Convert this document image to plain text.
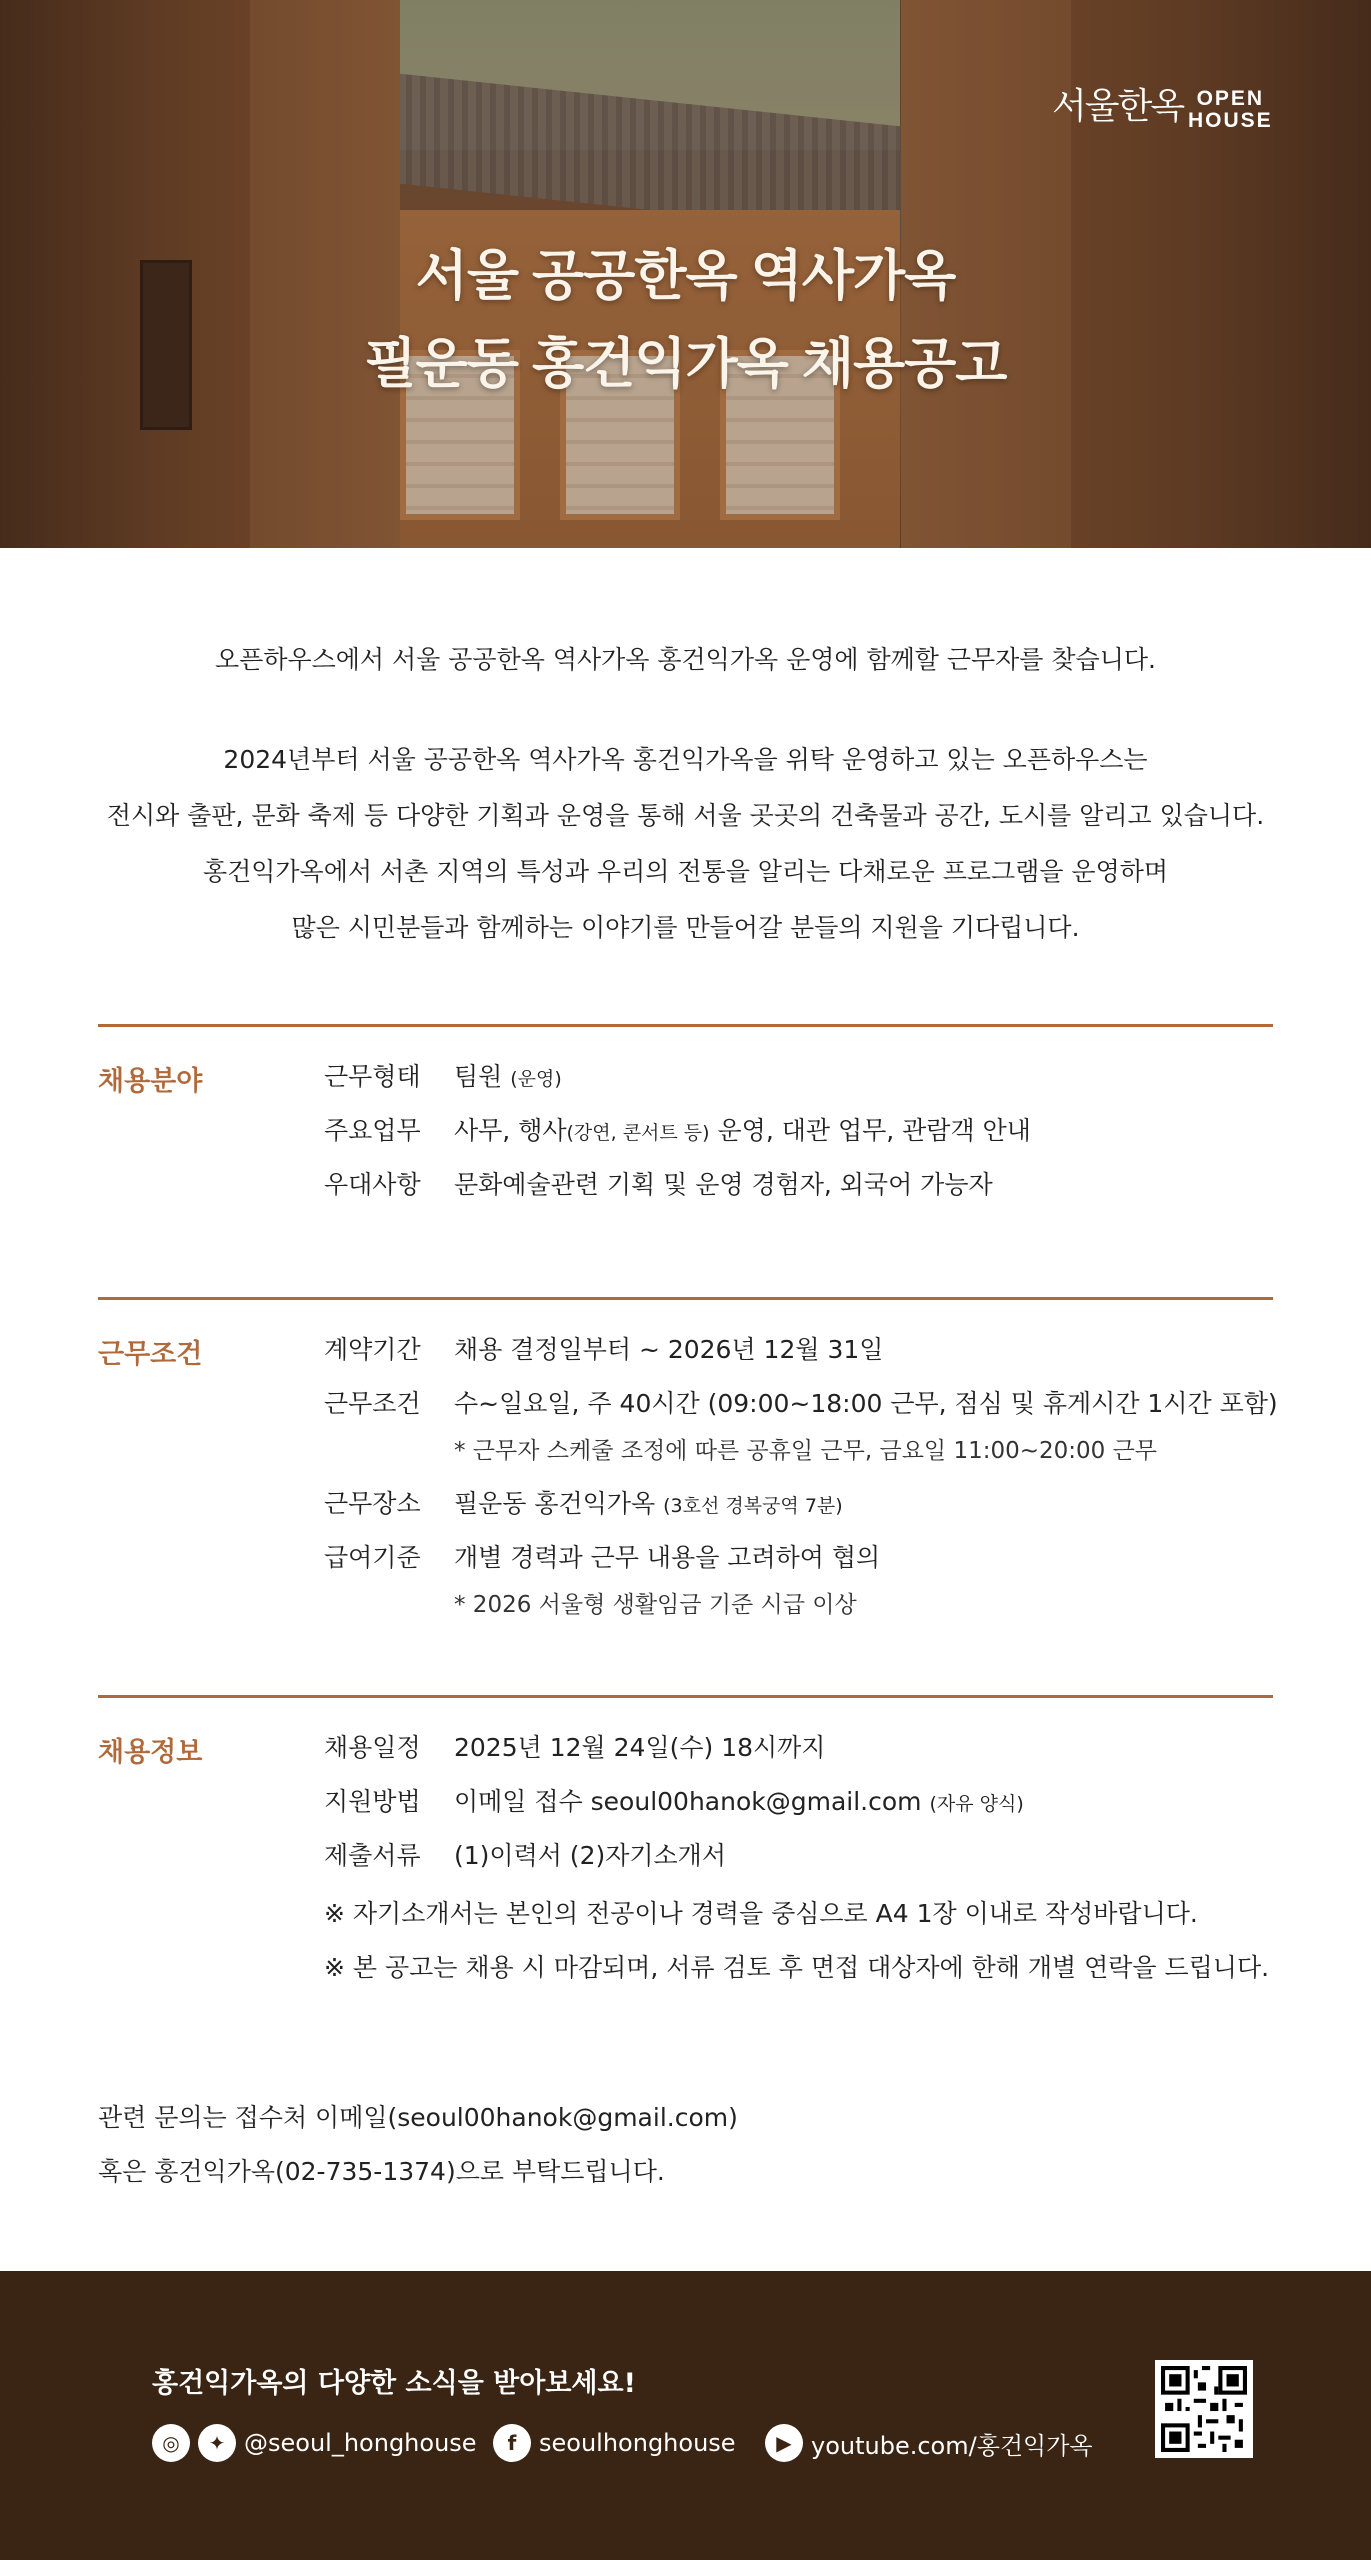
서울한옥 OPEN
HOUSE
서울 공공한옥 역사가옥
필운동 홍건익가옥 채용공고
오픈하우스에서 서울 공공한옥 역사가옥 홍건익가옥 운영에 함께할 근무자를 찾습니다.
2024년부터 서울 공공한옥 역사가옥 홍건익가옥을 위탁 운영하고 있는 오픈하우스는
전시와 출판, 문화 축제 등 다양한 기획과 운영을 통해 서울 곳곳의 건축물과 공간, 도시를 알리고 있습니다.
홍건익가옥에서 서촌 지역의 특성과 우리의 전통을 알리는 다채로운 프로그램을 운영하며
많은 시민분들과 함께하는 이야기를 만들어갈 분들의 지원을 기다립니다.
채용분야	근무형태 팀원 (운영)
주요업무 사무, 행사(강연, 콘서트 등) 운영, 대관 업무, 관람객 안내
우대사항 문화예술관련 기획 및 운영 경험자, 외국어 가능자
근무조건	계약기간 채용 결정일부터 ~ 2026년 12월 31일
근무조건 수~일요일, 주 40시간 (09:00~18:00 근무, 점심 및 휴게시간 1시간 포함)
* 근무자 스케줄 조정에 따른 공휴일 근무, 금요일 11:00~20:00 근무
근무장소 필운동 홍건익가옥 (3호선 경복궁역 7분)
급여기준 개별 경력과 근무 내용을 고려하여 협의
* 2026 서울형 생활임금 기준 시급 이상
채용정보	채용일정 2025년 12월 24일(수) 18시까지
지원방법 이메일 접수 seoul00hanok@gmail.com (자유 양식)
제출서류 (1)이력서 (2)자기소개서
※ 자기소개서는 본인의 전공이나 경력을 중심으로 A4 1장 이내로 작성바랍니다.
※ 본 공고는 채용 시 마감되며, 서류 검토 후 면접 대상자에 한해 개별 연락을 드립니다.
관련 문의는 접수처 이메일(seoul00hanok@gmail.com)
혹은 홍건익가옥(02-735-1374)으로 부탁드립니다.
홍건익가옥의 다양한 소식을 받아보세요!
◎	✦ @seoul_honghouse	f seoulhonghouse	▶ youtube.com/홍건익가옥
